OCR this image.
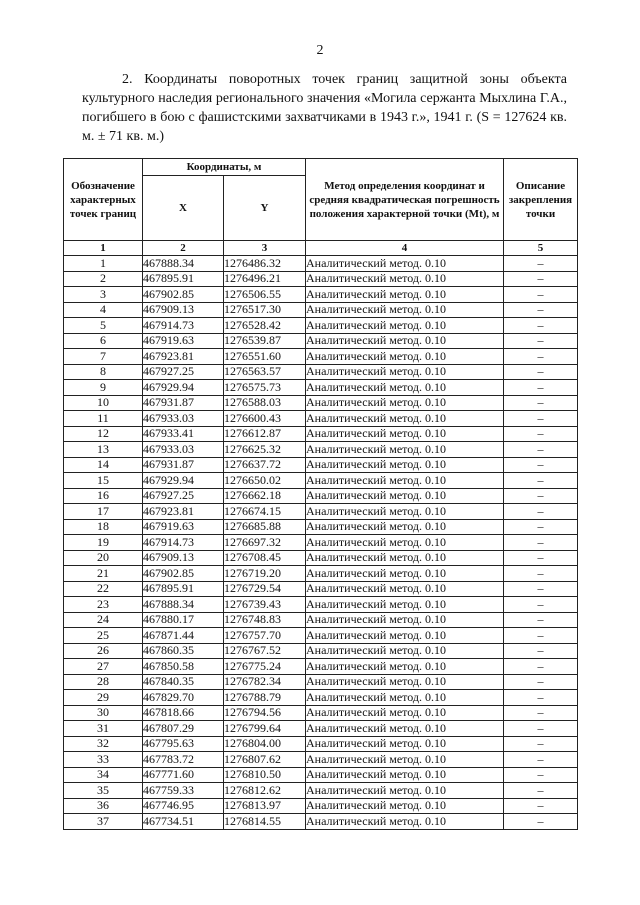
2

2. Координаты поворотных точек границ защитной зоны объекта культурного наследия регионального значения «Могила сержанта Мыхлина Г.А., погибшего в бою с фашистскими захватчиками в 1943 г.», 1941 г. (S = 127624 кв. м. ± 71 кв. м.)

Обозначение характерных точек границ	Координаты, м		Метод определения координат и средняя квадратическая погрешность положения характерной точки (Mt), м	Описание закрепления точки
	X	Y		
1	2	3	4	5
1	467888.34	1276486.32	Аналитический метод. 0.10	–
2	467895.91	1276496.21	Аналитический метод. 0.10	–
3	467902.85	1276506.55	Аналитический метод. 0.10	–
4	467909.13	1276517.30	Аналитический метод. 0.10	–
5	467914.73	1276528.42	Аналитический метод. 0.10	–
6	467919.63	1276539.87	Аналитический метод. 0.10	–
7	467923.81	1276551.60	Аналитический метод. 0.10	–
8	467927.25	1276563.57	Аналитический метод. 0.10	–
9	467929.94	1276575.73	Аналитический метод. 0.10	–
10	467931.87	1276588.03	Аналитический метод. 0.10	–
11	467933.03	1276600.43	Аналитический метод. 0.10	–
12	467933.41	1276612.87	Аналитический метод. 0.10	–
13	467933.03	1276625.32	Аналитический метод. 0.10	–
14	467931.87	1276637.72	Аналитический метод. 0.10	–
15	467929.94	1276650.02	Аналитический метод. 0.10	–
16	467927.25	1276662.18	Аналитический метод. 0.10	–
17	467923.81	1276674.15	Аналитический метод. 0.10	–
18	467919.63	1276685.88	Аналитический метод. 0.10	–
19	467914.73	1276697.32	Аналитический метод. 0.10	–
20	467909.13	1276708.45	Аналитический метод. 0.10	–
21	467902.85	1276719.20	Аналитический метод. 0.10	–
22	467895.91	1276729.54	Аналитический метод. 0.10	–
23	467888.34	1276739.43	Аналитический метод. 0.10	–
24	467880.17	1276748.83	Аналитический метод. 0.10	–
25	467871.44	1276757.70	Аналитический метод. 0.10	–
26	467860.35	1276767.52	Аналитический метод. 0.10	–
27	467850.58	1276775.24	Аналитический метод. 0.10	–
28	467840.35	1276782.34	Аналитический метод. 0.10	–
29	467829.70	1276788.79	Аналитический метод. 0.10	–
30	467818.66	1276794.56	Аналитический метод. 0.10	–
31	467807.29	1276799.64	Аналитический метод. 0.10	–
32	467795.63	1276804.00	Аналитический метод. 0.10	–
33	467783.72	1276807.62	Аналитический метод. 0.10	–
34	467771.60	1276810.50	Аналитический метод. 0.10	–
35	467759.33	1276812.62	Аналитический метод. 0.10	–
36	467746.95	1276813.97	Аналитический метод. 0.10	–
37	467734.51	1276814.55	Аналитический метод. 0.10	–
